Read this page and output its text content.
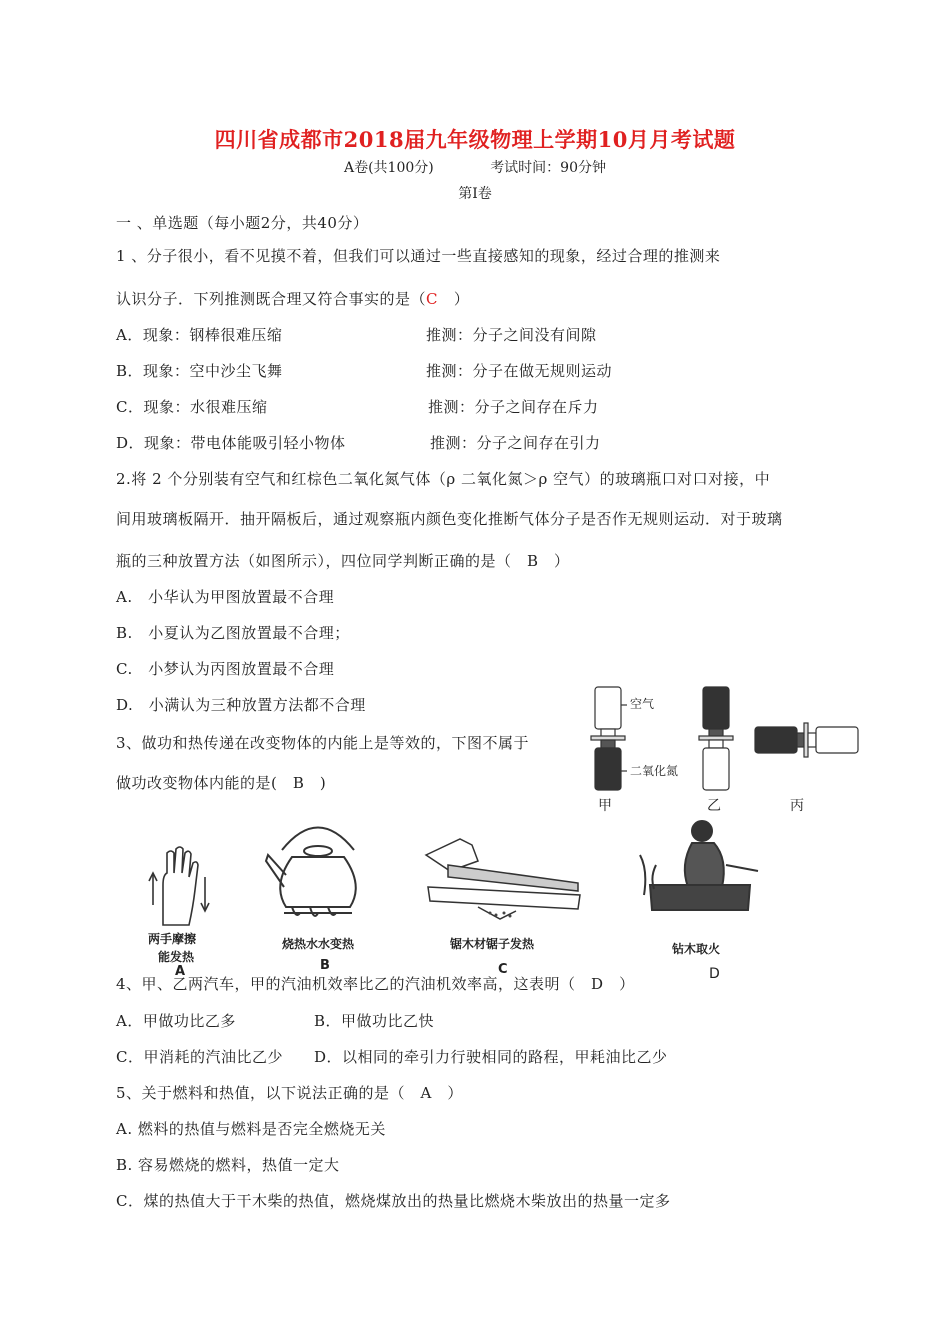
四川省成都市2018届九年级物理上学期10月月考试题
A卷(共100分)	考试时间：90分钟
第Ⅰ卷
一 、单选题（每小题2分，共40分）
1 、分子很小，看不见摸不着，但我们可以通过一些直接感知的现象，经过合理的推测来
认识分子．下列推测既合理又符合事实的是（C ）
A．现象：钢棒很难压缩	推测：分子之间没有间隙
B．现象：空中沙尘飞舞	推测：分子在做无规则运动
C．现象：水很难压缩	推测：分子之间存在斥力
D．现象：带电体能吸引轻小物体	推测：分子之间存在引力
2.将 2 个分别装有空气和红棕色二氧化氮气体（ρ 二氧化氮＞ρ 空气）的玻璃瓶口对口对接，中
间用玻璃板隔开．抽开隔板后，通过观察瓶内颜色变化推断气体分子是否作无规则运动．对于玻璃
瓶的三种放置方法（如图所示），四位同学判断正确的是（　B　）
A.　小华认为甲图放置最不合理
B.　小夏认为乙图放置最不合理；
C.　小梦认为丙图放置最不合理
D.　小满认为三种放置方法都不合理	空气
二氧化氮
甲	乙	丙
3、做功和热传递在改变物体的内能上是等效的，下图不属于
做功改变物体内能的是(　B　)
两手摩擦
能发热
A
烧热水水变热
B
锯木材锯子发热
C
钻木取火
D
4、甲、乙两汽车，甲的汽油机效率比乙的汽油机效率高，这表明（　D　）
A．甲做功比乙多	B．甲做功比乙快
C．甲消耗的汽油比乙少 D．以相同的牵引力行驶相同的路程，甲耗油比乙少
5、关于燃料和热值，以下说法正确的是（　A　）
A. 燃料的热值与燃料是否完全燃烧无关
B. 容易燃烧的燃料，热值一定大
C．煤的热值大于干木柴的热值，燃烧煤放出的热量比燃烧木柴放出的热量一定多
